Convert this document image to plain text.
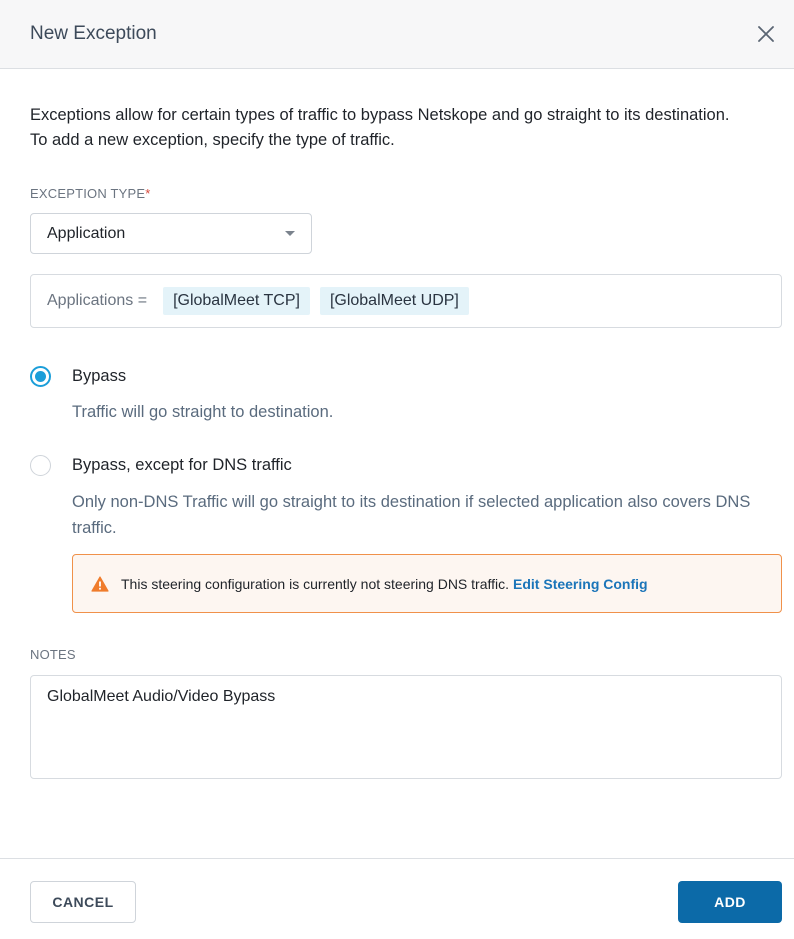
New Exception
Exceptions allow for certain types of traffic to bypass Netskope and go straight to its destination. To add a new exception, specify the type of traffic.
EXCEPTION TYPE*
Application
Applications =	[GlobalMeet TCP]	[GlobalMeet UDP]
Bypass
Traffic will go straight to destination.
Bypass, except for DNS traffic
Only non-DNS Traffic will go straight to its destination if selected application also covers DNS traffic.
This steering configuration is currently not steering DNS traffic. Edit Steering Config
NOTES
GlobalMeet Audio/Video Bypass
CANCEL	ADD
